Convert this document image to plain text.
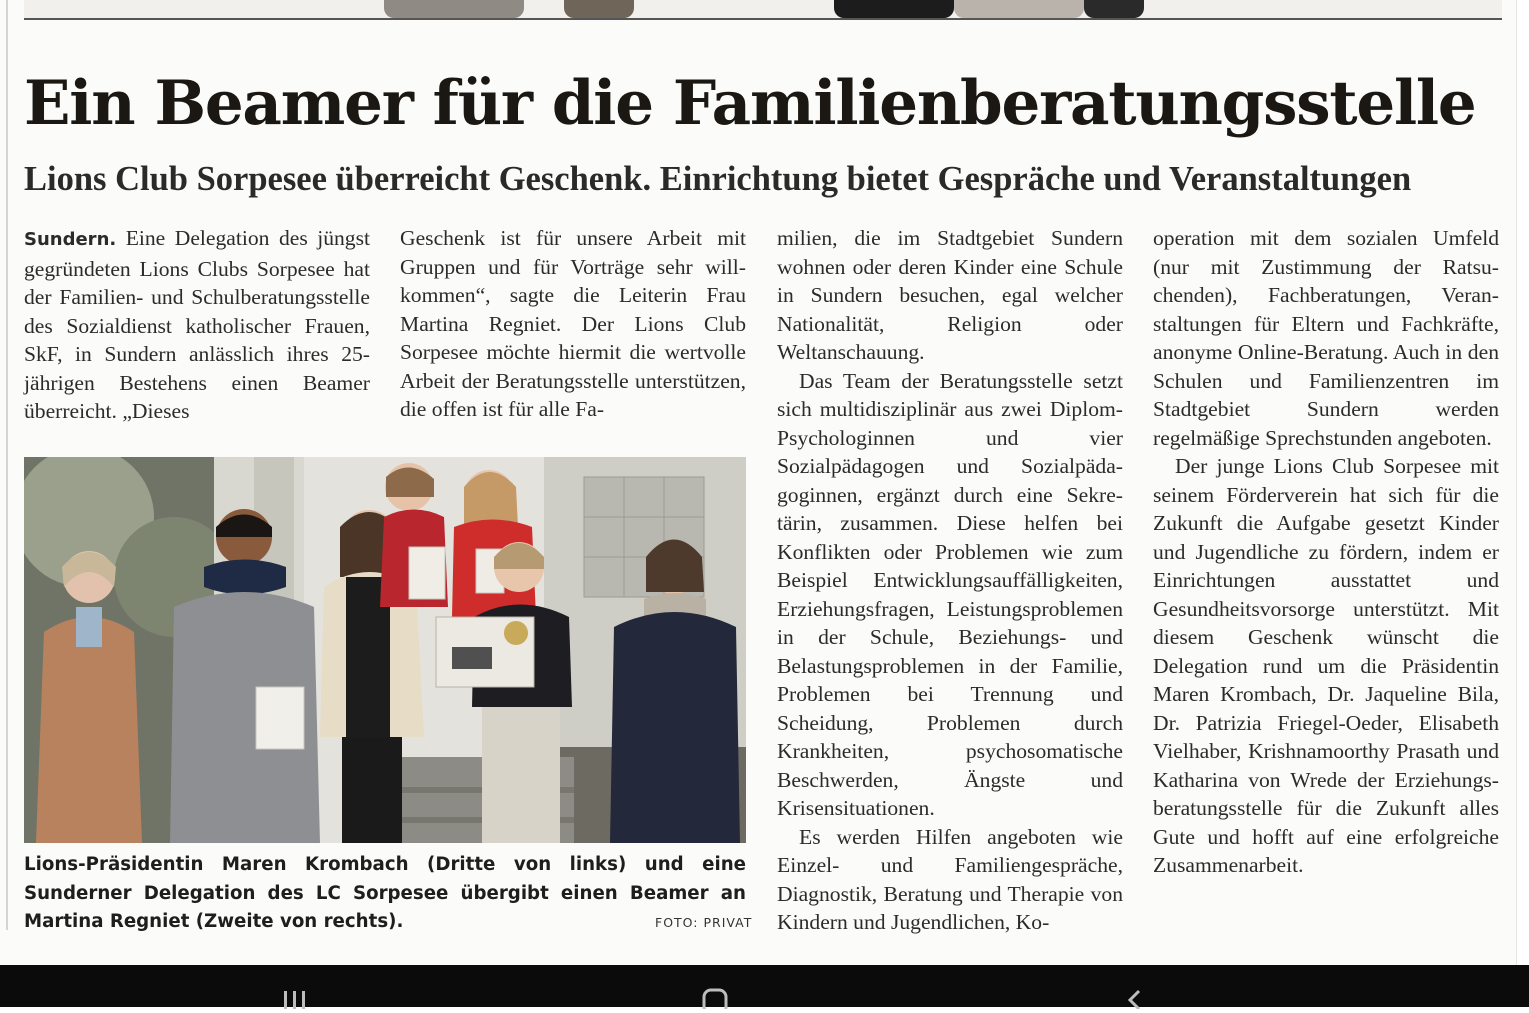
Ein Beamer für die Familienberatungsstelle
Lions Club Sorpesee überreicht Geschenk. Einrichtung bietet Gespräche und Veranstaltungen

Sundern. Eine Delegation des jüngst gegründeten Lions Clubs Sorpesee hat der Familien- und Schulberatungsstelle des Sozialdienst katholischer Frauen, SkF, in Sundern anlässlich ihres 25-jährigen Bestehens einen Beamer überreicht. „Dieses

Geschenk ist für unsere Arbeit mit Gruppen und für Vorträge sehr willkommen“, sagte die Leiterin Frau Martina Regniet. Der Lions Club Sorpesee möchte hiermit die wertvolle Arbeit der Beratungsstelle unterstützen, die offen ist für alle Fa-

milien, die im Stadtgebiet Sundern wohnen oder deren Kinder eine Schule in Sundern besuchen, egal welcher Nationalität, Religion oder Weltanschauung.

Das Team der Beratungsstelle setzt sich multidisziplinär aus zwei Diplom-Psychologinnen und vier Sozialpädagogen und Sozialpädagoginnen, ergänzt durch eine Sekretärin, zusammen. Diese helfen bei Konflikten oder Problemen wie zum Beispiel Entwicklungsauffälligkeiten, Erziehungsfragen, Leistungsproblemen in der Schule, Beziehungs- und Belastungsproblemen in der Familie, Problemen bei Trennung und Scheidung, Problemen durch Krankheiten, psychosomatische Beschwerden, Ängste und Krisensituationen.

Es werden Hilfen angeboten wie Einzel- und Familiengespräche, Diagnostik, Beratung und Therapie von Kindern und Jugendlichen, Ko-

operation mit dem sozialen Umfeld (nur mit Zustimmung der Ratsuchenden), Fachberatungen, Veranstaltungen für Eltern und Fachkräfte, anonyme Online-Beratung. Auch in den Schulen und Familienzentren im Stadtgebiet Sundern werden regelmäßige Sprechstunden angeboten.

Der junge Lions Club Sorpesee mit seinem Förderverein hat sich für die Zukunft die Aufgabe gesetzt Kinder und Jugendliche zu fördern, indem er Einrichtungen ausstattet und Gesundheitsvorsorge unterstützt. Mit diesem Geschenk wünscht die Delegation rund um die Präsidentin Maren Krombach, Dr. Jaqueline Bila, Dr. Patrizia Friegel-Oeder, Elisabeth Vielhaber, Krishnamoorthy Prasath und Katharina von Wrede der Erziehungsberatungsstelle für die Zukunft alles Gute und hofft auf eine erfolgreiche Zusammenarbeit.

Lions-Präsidentin Maren Krombach (Dritte von links) und eine Sunderner Delegation des LC Sorpesee übergibt einen Beamer an Martina Regniet (Zweite von rechts).	FOTO: PRIVAT
